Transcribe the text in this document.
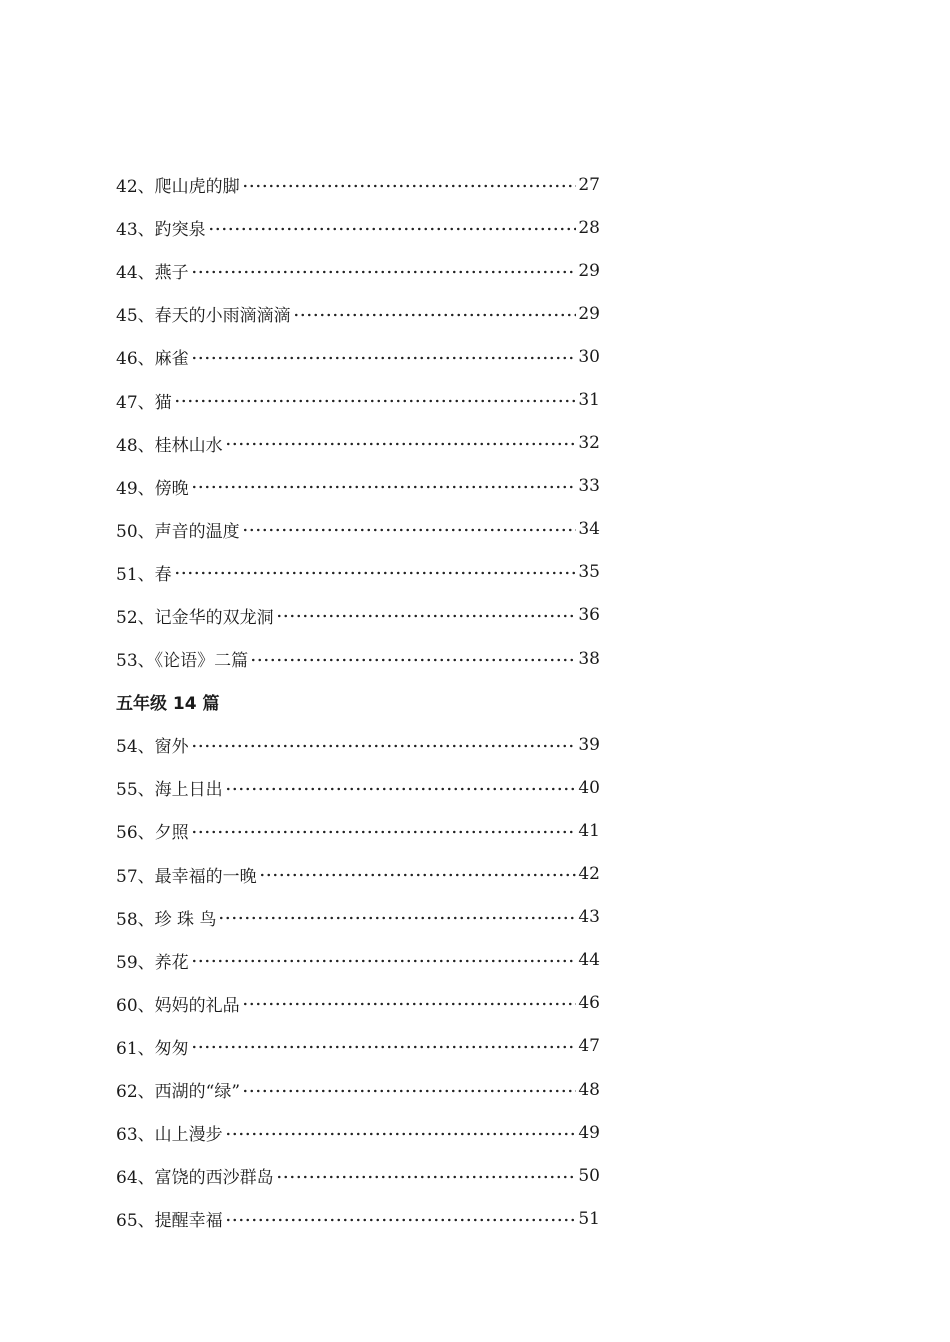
42、爬山虎的脚	27
43、趵突泉	28
44、燕子	29
45、春天的小雨滴滴滴	29
46、麻雀	30
47、猫	31
48、桂林山水	32
49、傍晚	33
50、声音的温度	34
51、春	35
52、记金华的双龙洞	36
53、《论语》二篇	38
五年级 14 篇
54、窗外	39
55、海上日出	40
56、夕照	41
57、最幸福的一晚	42
58、珍 珠 鸟	43
59、养花	44
60、妈妈的礼品	46
61、匆匆	47
62、西湖的“绿”	48
63、山上漫步	49
64、富饶的西沙群岛	50
65、提醒幸福	51
